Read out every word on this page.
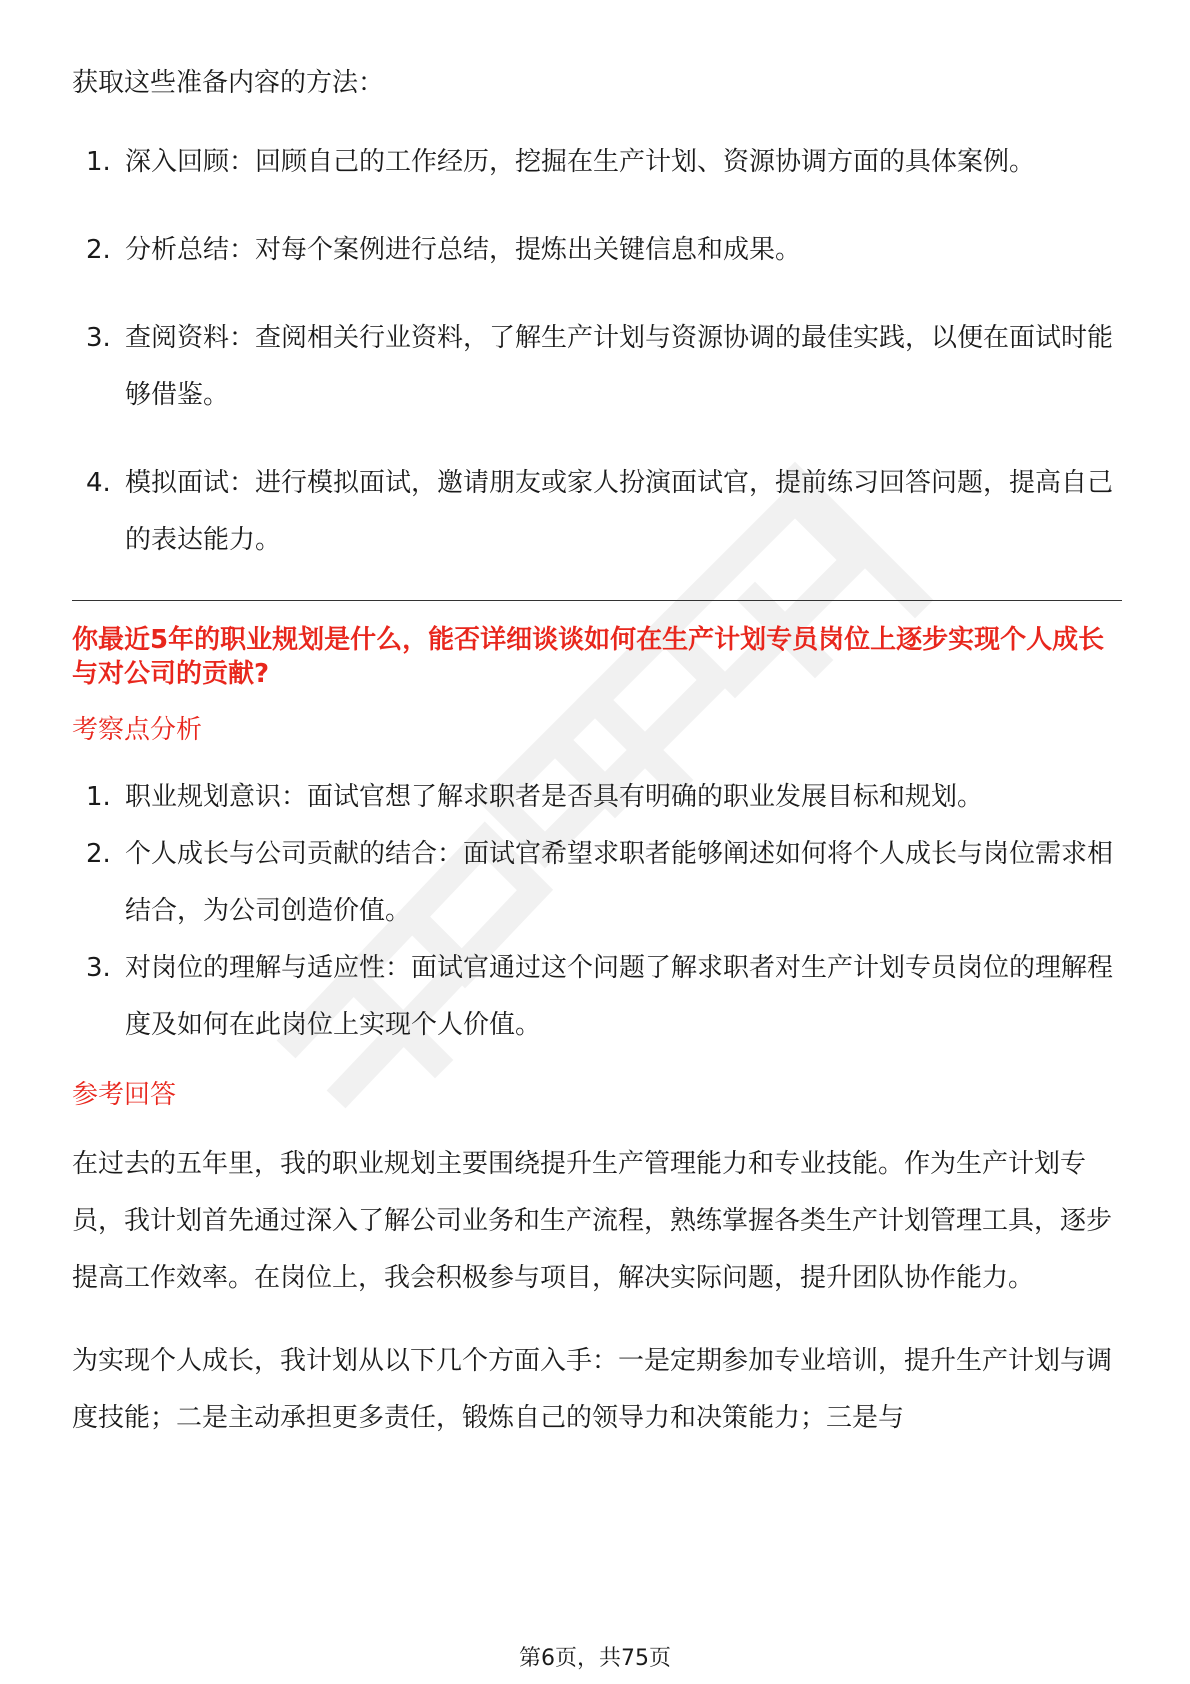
获取这些准备内容的方法：

1. 深入回顾：回顾自己的工作经历，挖掘在生产计划、资源协调方面的具体案例。
2. 分析总结：对每个案例进行总结，提炼出关键信息和成果。
3. 查阅资料：查阅相关行业资料，了解生产计划与资源协调的最佳实践，以便在面试时能够借鉴。
4. 模拟面试：进行模拟面试，邀请朋友或家人扮演面试官，提前练习回答问题，提高自己的表达能力。

你最近5年的职业规划是什么，能否详细谈谈如何在生产计划专员岗位上逐步实现个人成长与对公司的贡献?

考察点分析

1. 职业规划意识：面试官想了解求职者是否具有明确的职业发展目标和规划。
2. 个人成长与公司贡献的结合：面试官希望求职者能够阐述如何将个人成长与岗位需求相结合，为公司创造价值。
3. 对岗位的理解与适应性：面试官通过这个问题了解求职者对生产计划专员岗位的理解程度及如何在此岗位上实现个人价值。

参考回答

在过去的五年里，我的职业规划主要围绕提升生产管理能力和专业技能。作为生产计划专员，我计划首先通过深入了解公司业务和生产流程，熟练掌握各类生产计划管理工具，逐步提高工作效率。在岗位上，我会积极参与项目，解决实际问题，提升团队协作能力。

为实现个人成长，我计划从以下几个方面入手：一是定期参加专业培训，提升生产计划与调度技能；二是主动承担更多责任，锻炼自己的领导力和决策能力；三是与

第6页，共75页
